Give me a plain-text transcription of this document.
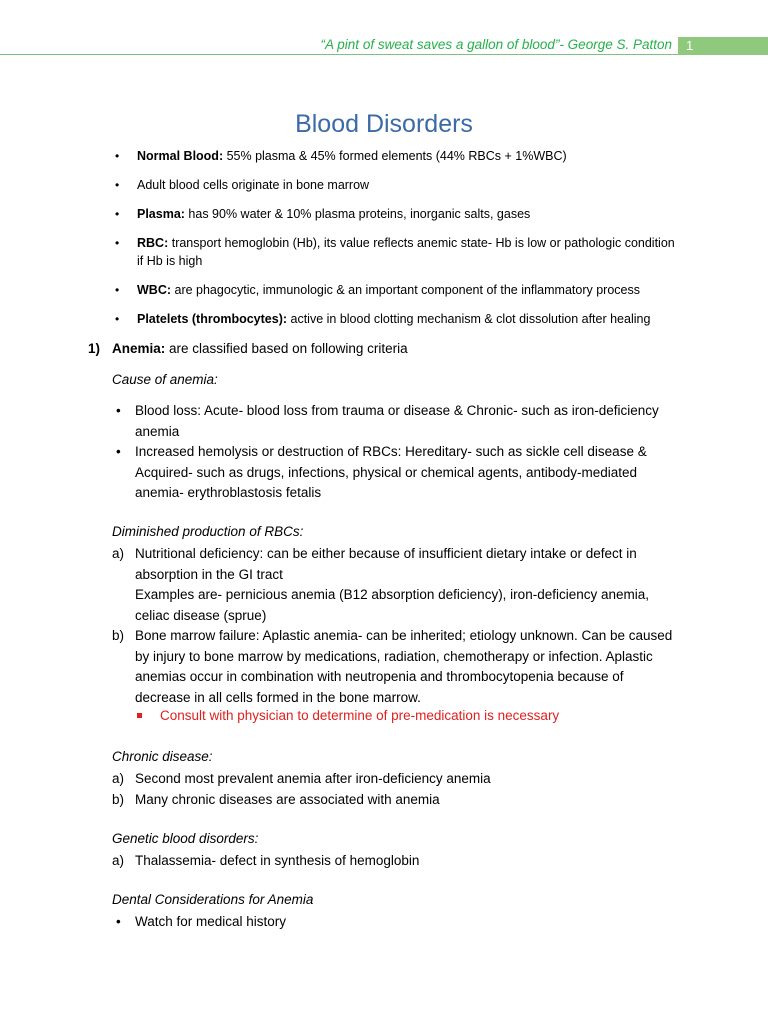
“A pint of sweat saves a gallon of blood”- George S. Patton	1
Blood Disorders
•	Normal Blood: 55% plasma & 45% formed elements (44% RBCs + 1%WBC)
•	Adult blood cells originate in bone marrow
•	Plasma: has 90% water & 10% plasma proteins, inorganic salts, gases
•	RBC: transport hemoglobin (Hb), its value reflects anemic state- Hb is low or pathologic condition if Hb is high
•	WBC: are phagocytic, immunologic & an important component of the inflammatory process
•	Platelets (thrombocytes): active in blood clotting mechanism & clot dissolution after healing
1) Anemia: are classified based on following criteria
Cause of anemia:
•	Blood loss: Acute- blood loss from trauma or disease & Chronic- such as iron-deficiency anemia
•	Increased hemolysis or destruction of RBCs: Hereditary- such as sickle cell disease & Acquired- such as drugs, infections, physical or chemical agents, antibody-mediated anemia- erythroblastosis fetalis
Diminished production of RBCs:
a) Nutritional deficiency: can be either because of insufficient dietary intake or defect in absorption in the GI tract
Examples are- pernicious anemia (B12 absorption deficiency), iron-deficiency anemia, celiac disease (sprue)
b) Bone marrow failure: Aplastic anemia- can be inherited; etiology unknown. Can be caused by injury to bone marrow by medications, radiation, chemotherapy or infection. Aplastic anemias occur in combination with neutropenia and thrombocytopenia because of decrease in all cells formed in the bone marrow.
Consult with physician to determine of pre-medication is necessary
Chronic disease:
a) Second most prevalent anemia after iron-deficiency anemia
b) Many chronic diseases are associated with anemia
Genetic blood disorders:
a) Thalassemia- defect in synthesis of hemoglobin
Dental Considerations for Anemia
•	Watch for medical history
